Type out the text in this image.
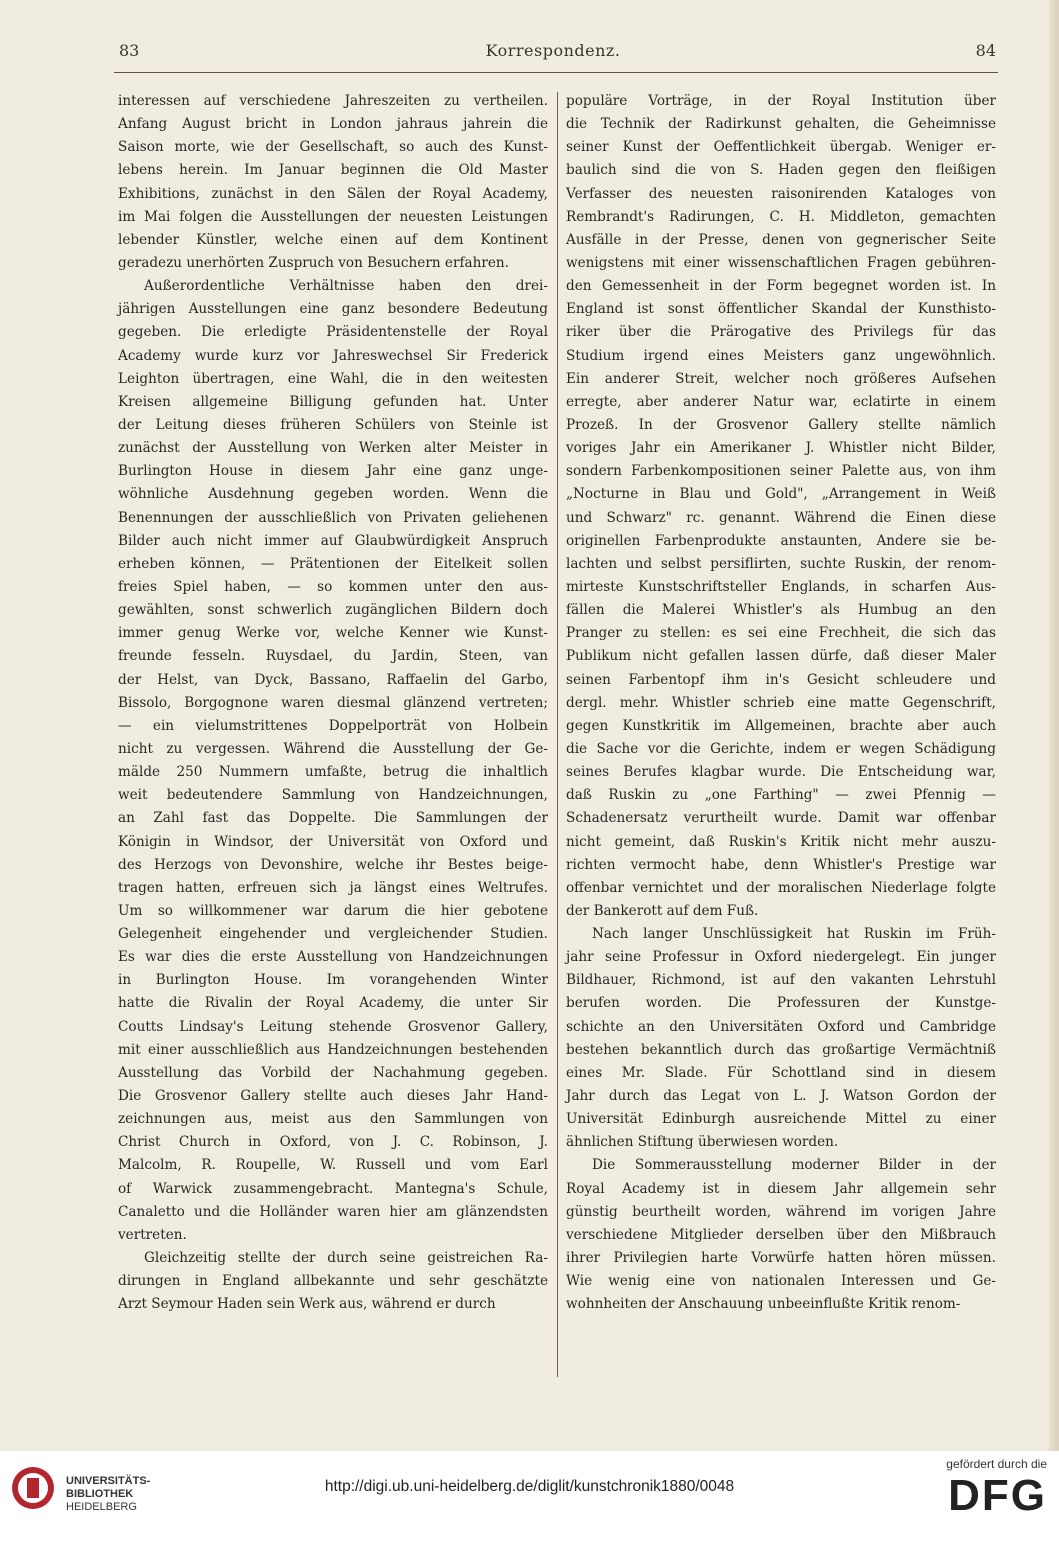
83	Korrespondenz.	84
interessen auf verschiedene Jahreszeiten zu vertheilen.
Anfang August bricht in London jahraus jahrein die
Saison morte, wie der Gesellschaft, so auch des Kunst-
lebens herein. Im Januar beginnen die Old Master
Exhibitions, zunächst in den Sälen der Royal Academy,
im Mai folgen die Ausstellungen der neuesten Leistungen
lebender Künstler, welche einen auf dem Kontinent
geradezu unerhörten Zuspruch von Besuchern erfahren.
Außerordentliche Verhältnisse haben den drei-
jährigen Ausstellungen eine ganz besondere Bedeutung
gegeben. Die erledigte Präsidentenstelle der Royal
Academy wurde kurz vor Jahreswechsel Sir Frederick
Leighton übertragen, eine Wahl, die in den weitesten
Kreisen allgemeine Billigung gefunden hat. Unter
der Leitung dieses früheren Schülers von Steinle ist
zunächst der Ausstellung von Werken alter Meister in
Burlington House in diesem Jahr eine ganz unge-
wöhnliche Ausdehnung gegeben worden. Wenn die
Benennungen der ausschließlich von Privaten geliehenen
Bilder auch nicht immer auf Glaubwürdigkeit Anspruch
erheben können, — Prätentionen der Eitelkeit sollen
freies Spiel haben, — so kommen unter den aus-
gewählten, sonst schwerlich zugänglichen Bildern doch
immer genug Werke vor, welche Kenner wie Kunst-
freunde fesseln. Ruysdael, du Jardin, Steen, van
der Helst, van Dyck, Bassano, Raffaelin del Garbo,
Bissolo, Borgognone waren diesmal glänzend vertreten;
— ein vielumstrittenes Doppelporträt von Holbein
nicht zu vergessen. Während die Ausstellung der Ge-
mälde 250 Nummern umfaßte, betrug die inhaltlich
weit bedeutendere Sammlung von Handzeichnungen,
an Zahl fast das Doppelte. Die Sammlungen der
Königin in Windsor, der Universität von Oxford und
des Herzogs von Devonshire, welche ihr Bestes beige-
tragen hatten, erfreuen sich ja längst eines Weltrufes.
Um so willkommener war darum die hier gebotene
Gelegenheit eingehender und vergleichender Studien.
Es war dies die erste Ausstellung von Handzeichnungen
in Burlington House. Im vorangehenden Winter
hatte die Rivalin der Royal Academy, die unter Sir
Coutts Lindsay's Leitung stehende Grosvenor Gallery,
mit einer ausschließlich aus Handzeichnungen bestehenden
Ausstellung das Vorbild der Nachahmung gegeben.
Die Grosvenor Gallery stellte auch dieses Jahr Hand-
zeichnungen aus, meist aus den Sammlungen von
Christ Church in Oxford, von J. C. Robinson, J.
Malcolm, R. Roupelle, W. Russell und vom Earl
of Warwick zusammengebracht. Mantegna's Schule,
Canaletto und die Holländer waren hier am glänzendsten
vertreten.
Gleichzeitig stellte der durch seine geistreichen Ra-
dirungen in England allbekannte und sehr geschätzte
Arzt Seymour Haden sein Werk aus, während er durch
populäre Vorträge, in der Royal Institution über
die Technik der Radirkunst gehalten, die Geheimnisse
seiner Kunst der Oeffentlichkeit übergab. Weniger er-
baulich sind die von S. Haden gegen den fleißigen
Verfasser des neuesten raisonirenden Kataloges von
Rembrandt's Radirungen, C. H. Middleton, gemachten
Ausfälle in der Presse, denen von gegnerischer Seite
wenigstens mit einer wissenschaftlichen Fragen gebühren-
den Gemessenheit in der Form begegnet worden ist. In
England ist sonst öffentlicher Skandal der Kunsthisto-
riker über die Prärogative des Privilegs für das
Studium irgend eines Meisters ganz ungewöhnlich.
Ein anderer Streit, welcher noch größeres Aufsehen
erregte, aber anderer Natur war, eclatirte in einem
Prozeß. In der Grosvenor Gallery stellte nämlich
voriges Jahr ein Amerikaner J. Whistler nicht Bilder,
sondern Farbenkompositionen seiner Palette aus, von ihm
„Nocturne in Blau und Gold", „Arrangement in Weiß
und Schwarz" rc. genannt. Während die Einen diese
originellen Farbenprodukte anstaunten, Andere sie be-
lachten und selbst persiflirten, suchte Ruskin, der renom-
mirteste Kunstschriftsteller Englands, in scharfen Aus-
fällen die Malerei Whistler's als Humbug an den
Pranger zu stellen: es sei eine Frechheit, die sich das
Publikum nicht gefallen lassen dürfe, daß dieser Maler
seinen Farbentopf ihm in's Gesicht schleudere und
dergl. mehr. Whistler schrieb eine matte Gegenschrift,
gegen Kunstkritik im Allgemeinen, brachte aber auch
die Sache vor die Gerichte, indem er wegen Schädigung
seines Berufes klagbar wurde. Die Entscheidung war,
daß Ruskin zu „one Farthing" — zwei Pfennig —
Schadenersatz verurtheilt wurde. Damit war offenbar
nicht gemeint, daß Ruskin's Kritik nicht mehr auszu-
richten vermocht habe, denn Whistler's Prestige war
offenbar vernichtet und der moralischen Niederlage folgte
der Bankerott auf dem Fuß.
Nach langer Unschlüssigkeit hat Ruskin im Früh-
jahr seine Professur in Oxford niedergelegt. Ein junger
Bildhauer, Richmond, ist auf den vakanten Lehrstuhl
berufen worden. Die Professuren der Kunstge-
schichte an den Universitäten Oxford und Cambridge
bestehen bekanntlich durch das großartige Vermächtniß
eines Mr. Slade. Für Schottland sind in diesem
Jahr durch das Legat von L. J. Watson Gordon der
Universität Edinburgh ausreichende Mittel zu einer
ähnlichen Stiftung überwiesen worden.
Die Sommerausstellung moderner Bilder in der
Royal Academy ist in diesem Jahr allgemein sehr
günstig beurtheilt worden, während im vorigen Jahre
verschiedene Mitglieder derselben über den Mißbrauch
ihrer Privilegien harte Vorwürfe hatten hören müssen.
Wie wenig eine von nationalen Interessen und Ge-
wohnheiten der Anschauung unbeeinflußte Kritik renom-
UNIVERSITÄTS-
BIBLIOTHEK
HEIDELBERG
http://digi.ub.uni-heidelberg.de/diglit/kunstchronik1880/0048
gefördert durch die
DFG
